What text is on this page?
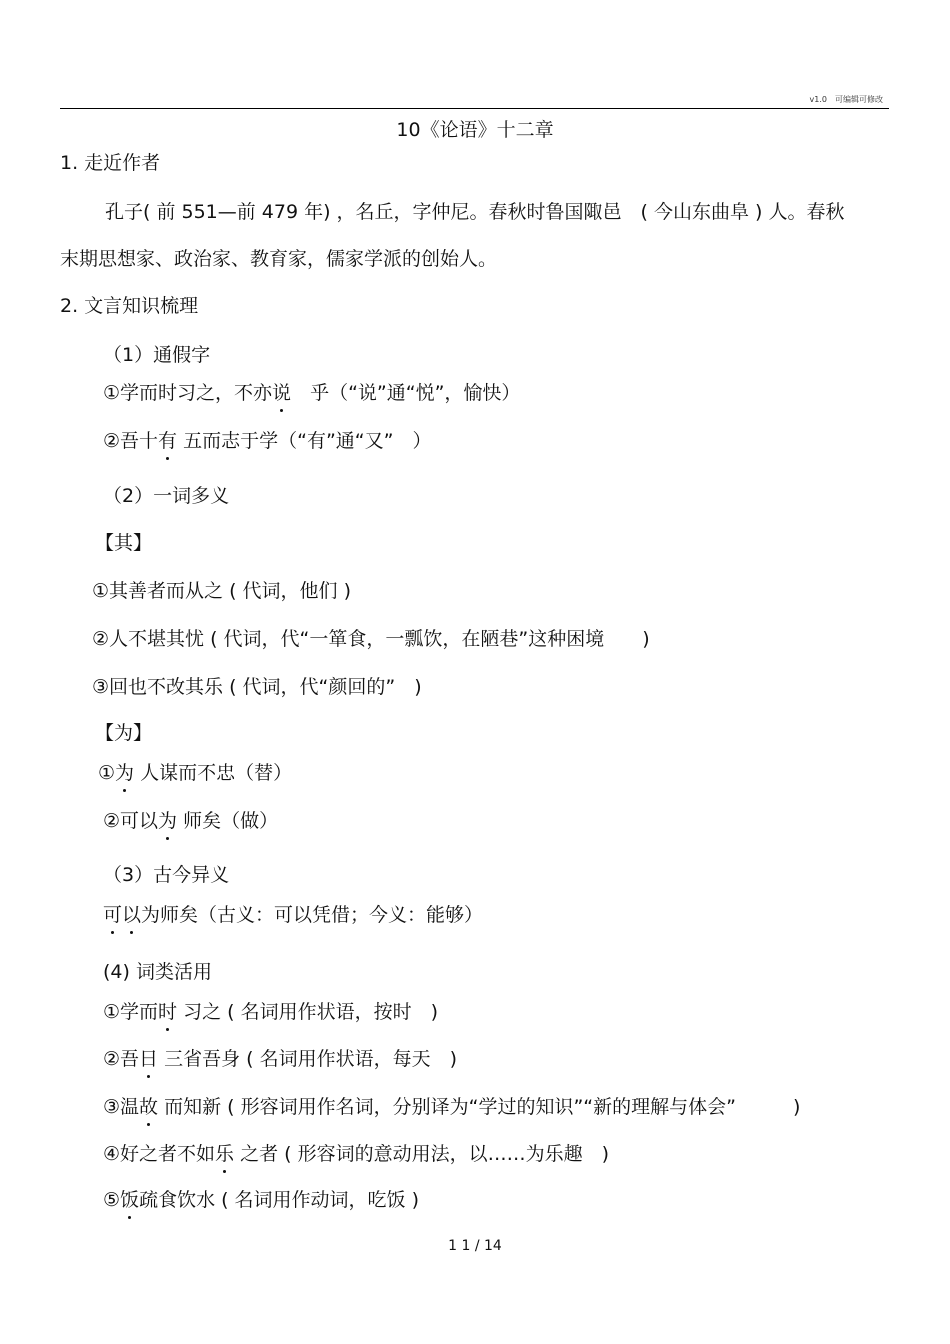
v1.0　可编辑可修改
10《论语》十二章
1. 走近作者
孔子( 前 551—前 479 年) ，名丘，字仲尼。春秋时鲁国陬邑　( 今山东曲阜 ) 人。春秋
末期思想家、政治家、教育家，儒家学派的创始人。
2. 文言知识梳理
（1）通假字
①学而时习之，不亦说　乎（“说”通“悦”，愉快）
②吾十有 五而志于学（“有”通“又”　）
（2）一词多义
【其】
①其善者而从之 ( 代词，他们 )
②人不堪其忧 ( 代词，代“一箪食，一瓢饮，在陋巷”这种困境　　)
③回也不改其乐 ( 代词，代“颜回的”　)
【为】
①为 人谋而不忠（替）
②可以为 师矣（做）
（3）古今异义
可以为师矣（古义：可以凭借；今义：能够）
(4) 词类活用
①学而时 习之 ( 名词用作状语，按时　)
②吾日 三省吾身 ( 名词用作状语，每天　)
③温故 而知新 ( 形容词用作名词，分别译为“学过的知识”“新的理解与体会”　　　)
④好之者不如乐 之者 ( 形容词的意动用法，以……为乐趣　)
⑤饭疏食饮水 ( 名词用作动词，吃饭 )
1 1 / 14
